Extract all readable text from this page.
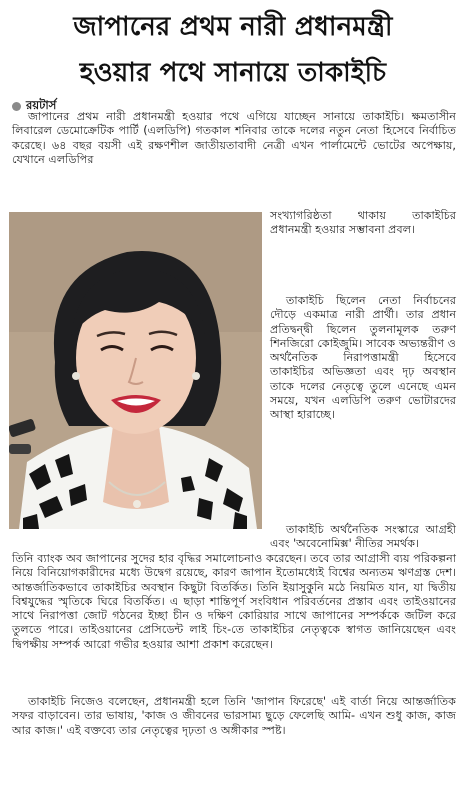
জাপানের প্রথম নারী প্রধানমন্ত্রী
হওয়ার পথে সানায়ে তাকাইচি
রয়টার্স

জাপানের প্রথম নারী প্রধানমন্ত্রী হওয়ার পথে এগিয়ে যাচ্ছেন সানায়ে তাকাইচি। ক্ষমতাসীন লিবারেল ডেমোক্রেটিক পার্টি (এলডিপি) গতকাল শনিবার তাকে দলের নতুন নেতা হিসেবে নির্বাচিত করেছে। ৬৪ বছর বয়সী এই রক্ষণশীল জাতীয়তাবাদী নেত্রী এখন পার্লামেন্টে ভোটের অপেক্ষায়, যেখানে এলডিপির

সংখ্যাগরিষ্ঠতা থাকায় তাকাইচির প্রধানমন্ত্রী হওয়ার সম্ভাবনা প্রবল।

তাকাইচি ছিলেন নেতা নির্বাচনের দৌড়ে একমাত্র নারী প্রার্থী। তার প্রধান প্রতিদ্বন্দ্বী ছিলেন তুলনামূলক তরুণ শিনজিরো কোইজুমি। সাবেক অভ্যন্তরীণ ও অর্থনৈতিক নিরাপত্তামন্ত্রী হিসেবে তাকাইচির অভিজ্ঞতা এবং দৃঢ় অবস্থান তাকে দলের নেতৃত্বে তুলে এনেছে এমন সময়ে, যখন এলডিপি তরুণ ভোটারদের আস্থা হারাচ্ছে।

তাকাইচি অর্থনৈতিক সংস্কারে আগ্রহী এবং 'অবেনোমিক্স' নীতির সমর্থক।

তিনি ব্যাংক অব জাপানের সুদের হার বৃদ্ধির সমালোচনাও করেছেন। তবে তার আগ্রাসী ব্যয় পরিকল্পনা নিয়ে বিনিয়োগকারীদের মধ্যে উদ্বেগ রয়েছে, কারণ জাপান ইতোমধ্যেই বিশ্বের অন্যতম ঋণগ্রস্ত দেশ। আন্তর্জাতিকভাবে তাকাইচির অবস্থান কিছুটা বিতর্কিত। তিনি ইয়াসুকুনি মঠে নিয়মিত যান, যা দ্বিতীয় বিশ্বযুদ্ধের স্মৃতিকে ঘিরে বিতর্কিত। এ ছাড়া শান্তিপূর্ণ সংবিধান পরিবর্তনের প্রস্তাব এবং তাইওয়ানের সাথে নিরাপত্তা জোট গঠনের ইচ্ছা চীন ও দক্ষিণ কোরিয়ার সাথে জাপানের সম্পর্ককে জটিল করে তুলতে পারে। তাইওয়ানের প্রেসিডেন্ট লাই চিং-তে তাকাইচির নেতৃত্বকে স্বাগত জানিয়েছেন এবং দ্বিপক্ষীয় সম্পর্ক আরো গভীর হওয়ার আশা প্রকাশ করেছেন।

তাকাইচি নিজেও বলেছেন, প্রধানমন্ত্রী হলে তিনি 'জাপান ফিরেছে' এই বার্তা নিয়ে আন্তর্জাতিক সফর বাড়াবেন। তার ভাষায়, 'কাজ ও জীবনের ভারসাম্য ছুড়ে ফেলেছি আমি- এখন শুধু কাজ, কাজ আর কাজ।' এই বক্তব্যে তার নেতৃত্বের দৃঢ়তা ও অঙ্গীকার স্পষ্ট।
